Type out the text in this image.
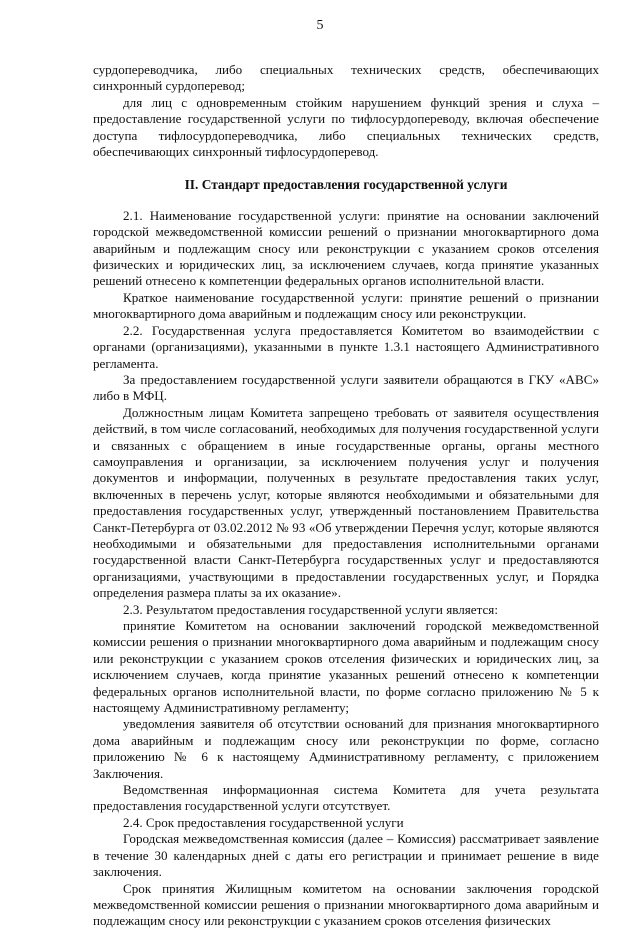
5

сурдопереводчика, либо специальных технических средств, обеспечивающих синхронный сурдоперевод;

для лиц с одновременным стойким нарушением функций зрения и слуха – предоставление государственной услуги по тифлосурдопереводу, включая обеспечение доступа тифлосурдопереводчика, либо специальных технических средств, обеспечивающих синхронный тифлосурдоперевод.

II. Стандарт предоставления государственной услуги

2.1. Наименование государственной услуги: принятие на основании заключений городской межведомственной комиссии решений о признании многоквартирного дома аварийным и подлежащим сносу или реконструкции с указанием сроков отселения физических и юридических лиц, за исключением случаев, когда принятие указанных решений отнесено к компетенции федеральных органов исполнительной власти.

Краткое наименование государственной услуги: принятие решений о признании многоквартирного дома аварийным и подлежащим сносу или реконструкции.

2.2. Государственная услуга предоставляется Комитетом во взаимодействии с органами (организациями), указанными в пункте 1.3.1 настоящего Административного регламента.

За предоставлением государственной услуги заявители обращаются в ГКУ «АВС» либо в МФЦ.

Должностным лицам Комитета запрещено требовать от заявителя осуществления действий, в том числе согласований, необходимых для получения государственной услуги и связанных с обращением в иные государственные органы, органы местного самоуправления и организации, за исключением получения услуг и получения документов и информации, полученных в результате предоставления таких услуг, включенных в перечень услуг, которые являются необходимыми и обязательными для предоставления государственных услуг, утвержденный постановлением Правительства Санкт-Петербурга от 03.02.2012 № 93 «Об утверждении Перечня услуг, которые являются необходимыми и обязательными для предоставления исполнительными органами государственной власти Санкт-Петербурга государственных услуг и предоставляются организациями, участвующими в предоставлении государственных услуг, и Порядка определения размера платы за их оказание».

2.3. Результатом предоставления государственной услуги является:

принятие Комитетом на основании заключений городской межведомственной комиссии решения о признании многоквартирного дома аварийным и подлежащим сносу или реконструкции с указанием сроков отселения физических и юридических лиц, за исключением случаев, когда принятие указанных решений отнесено к компетенции федеральных органов исполнительной власти, по форме согласно приложению № 5 к настоящему Административному регламенту;

уведомления заявителя об отсутствии оснований для признания многоквартирного дома аварийным и подлежащим сносу или реконструкции по форме, согласно приложению № 6 к настоящему Административному регламенту, с приложением Заключения.

Ведомственная информационная система Комитета для учета результата предоставления государственной услуги отсутствует.

2.4. Срок предоставления государственной услуги

Городская межведомственная комиссия (далее – Комиссия) рассматривает заявление в течение 30 календарных дней с даты его регистрации и принимает решение в виде заключения.

Срок принятия Жилищным комитетом на основании заключения городской межведомственной комиссии решения о признании многоквартирного дома аварийным и подлежащим сносу или реконструкции с указанием сроков отселения физических
